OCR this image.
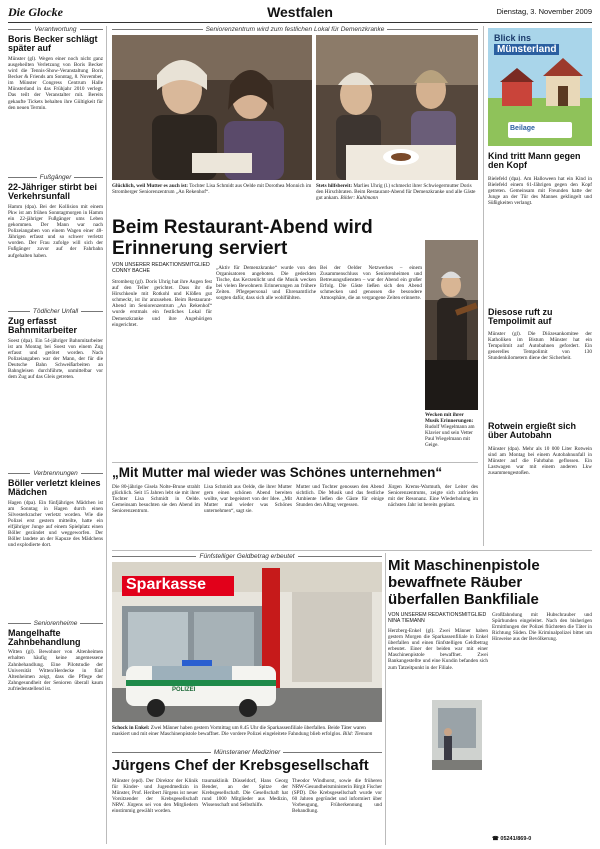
Die Glocke	Westfalen	Dienstag, 3. November 2009
Verantwortung
Boris Becker schlägt später auf
Münster (gl). Wegen einer noch nicht ganz ausgeheilten Verletzung von Boris Becker wird die Tennis-Show-Veranstaltung Boris Becker & Friends am Sonntag, 8. November, im Münster Congress Centrum Halle Münsterland in das Frühjahr 2010 verlegt. Das teilt der Veranstalter mit. Bereits gekaufte Tickets behalten ihre Gültigkeit für den neuen Termin.
Fußgänger
22-Jähriger stirbt bei Verkehrsunfall
Hamm (dpa). Bei der Kollision mit einem Pkw ist am frühen Sonntagmorgen in Hamm ein 22-jähriger Fußgänger ums Leben gekommen. Der Mann war nach Polizeiangaben von einem Wagen einer 48-Jährigen erfasst und so schwer verletzt worden. Der Frau zufolge will sich der Fußgänger zuvor auf der Fahrbahn aufgehalten haben.
Tödlicher Unfall
Zug erfasst Bahnmitarbeiter
Soest (dpa). Ein 54-jähriger Bahnmitarbeiter ist am Montag bei Soest von einem Zug erfasst und getötet worden. Nach Polizeiangaben war der Mann, der für die Deutsche Bahn Schweißarbeiten an Bahngleisen durchführte, unmittelbar vor dem Zug auf das Gleis getreten.
Verbrennungen
Böller verletzt kleines Mädchen
Hagen (dpa). Ein fünfjähriges Mädchen ist am Sonntag in Hagen durch einen Silvesterkracher verletzt worden. Wie die Polizei erst gestern mitteilte, hatte ein elfjähriger Junge auf einem Spielplatz einen Böller gezündet und weggeworfen. Der Böller landete an der Kapuze des Mädchens und explodierte dort.
Seniorenheime
Mangelhafte Zahnbehandlung
Witten (gl). Bewohner von Altenheimen erhalten häufig keine angemessene Zahnbehandlung. Eine Pilotstudie der Universität Witten/Herdecke in fünf Altenheimen zeigt, dass die Pflege der Zahngesundheit der Senioren überall kaum zufriedenstellend ist.
Seniorenzentrum wird zum festlichen Lokal für Demenzkranke
Glücklich, weil Mutter es auch ist: Tochter Lisa Schmidt aus Oelde mit Dorothea Monnich im Stromberger Seniorenzentrum „An Rekenhof“.
Stets hilfsbereit: Marlies Uhrig (l.) schmeckt ihrer Schwiegermutter Doris den Hirschbraten. Beim Restaurant-Abend für Demenzkranke und alle Gäste gut ankam. Bilder: Kuhlmann
Beim Restaurant-Abend wird Erinnerung serviert
VON UNSERER REDAKTIONSMITGLIED CONNY BACHE
Stromberg (gl). Doris Uhrig hat ihre Augen fest auf den Teller gerichtet. Dass ihr die Hirschkeule mit Rotkohl und Klößen gut schmeckt, ist ihr anzusehen. Beim Restaurant-Abend im Seniorenzentrum „An Rekenhof“ wurde erstmals ein festliches Lokal für Demenzkranke und ihre Angehörigen eingerichtet.
„Aktiv für Demenzkranke“ wurde von den Organisatoren angeboten. Die gedeckten Tische, das Kerzenlicht und die Musik wecken bei vielen Bewohnern Erinnerungen an frühere Zeiten. Pflegepersonal und Ehrenamtliche sorgten dafür, dass sich alle wohlfühlten.
Bei der Oelder Netzwerkes – einem Zusammenschluss von Seniorenheimen und Betreuungsdiensten – war der Abend ein großer Erfolg. Die Gäste ließen sich den Abend schmecken und genossen die besondere Atmosphäre, die an vergangene Zeiten erinnerte.
Wecken mit ihrer Musik Erinnerungen: Rudolf Wiegelmann am Klavier und sein Vetter Paul Wiegelmann mit Geige.
„Mit Mutter mal wieder was Schönes unternehmen“
Die 80-jährige Gisela Nolte-Brune strahlt glücklich. Seit 15 Jahren lebt sie mit ihrer Tochter Lisa Schmidt in Oelde. Gemeinsam besuchten sie den Abend im Seniorenzentrum.
Lisa Schmidt aus Oelde, die ihrer Mutter gern einen schönen Abend bereiten wollte, war begeistert von der Idee. „Mit Mutter mal wieder was Schönes unternehmen“, sagt sie.
Mutter und Tochter genossen den Abend sichtlich. Die Musik und das festliche Ambiente ließen die Gäste für einige Stunden den Alltag vergessen.
Jürgen Krems-Warmuth, der Leiter des Seniorenzentrums, zeigte sich zufrieden mit der Resonanz. Eine Wiederholung im nächsten Jahr ist bereits geplant.
Blick ins
Münsterland
Beilage
Kind tritt Mann gegen den Kopf
Bielefeld (dpa). Am Halloween hat ein Kind in Bielefeld einem 61-Jährigen gegen den Kopf getreten. Gemeinsam mit Freunden hatte der Junge an der Tür des Mannes geklingelt und Süßigkeiten verlangt.
Diesose ruft zu Tempolimit auf
Münster (gl). Die Diözesankomitee der Katholiken im Bistum Münster hat ein Tempolimit auf Autobahnen gefordert. Ein generelles Tempolimit von 130 Stundenkilometern diene der Sicherheit.
Rotwein ergießt sich über Autobahn
Münster (dpa). Mehr als 10 000 Liter Rotwein sind am Montag bei einem Autobahnunfall in Münster auf die Fahrbahn geflossen. Ein Lastwagen war mit einem anderen Lkw zusammengestoßen.
Fünfstelliger Geldbetrag erbeutet
Sparkasse
POLIZEI
Schock in Enkel: Zwei Männer haben gestern Vormittag um 8.45 Uhr die Sparkassenfiliale überfallen. Beide Täter waren maskiert und mit einer Maschinenpistole bewaffnet. Die vordere Polizei eingeleitete Fahndung blieb erfolglos. Bild: Tiemann
Mit Maschinenpistole bewaffnete Räuber überfallen Bankfiliale
VON UNSEREM REDAKTIONSMITGLIED NINA TIEMANN
Herzberg-Enkel (gl). Zwei Männer haben gestern Morgen die Sparkassenfiliale in Enkel überfallen und einen fünfstelligen Geldbetrag erbeutet. Einer der beiden war mit einer Maschinenpistole bewaffnet. Zwei Bankangestellte und eine Kundin befanden sich zum Tatzeitpunkt in der Filiale.
Großfahndung mit Hubschrauber und Spürhunden eingeleitet. Nach den bisherigen Ermittlungen der Polizei flüchteten die Täter in Richtung Süden. Die Kriminalpolizei bittet um Hinweise aus der Bevölkerung.
☎ 05241/869-0
Münsteraner Mediziner
Jürgens Chef der Krebsgesellschaft
Münster (epd). Der Direktor der Klinik für Kinder- und Jugendmedizin in Münster, Prof. Heribert Jürgens ist neuer Vorsitzender der Krebsgesellschaft NRW. Jürgens sei von den Mitgliedern einstimmig gewählt worden.
traumaklinik Düsseldorf, Hans Georg Bender, an der Spitze der Krebsgesellschaft. Die Gesellschaft hat rund 1000 Mitglieder aus Medizin, Wissenschaft und Selbsthilfe.
Theodor Windhorst, sowie die früheren NRW-Gesundheitsministerin Birgit Fischer (SPD). Die Krebsgesellschaft wurde vor 60 Jahren gegründet und informiert über Vorbeugung, Früherkennung und Behandlung.
